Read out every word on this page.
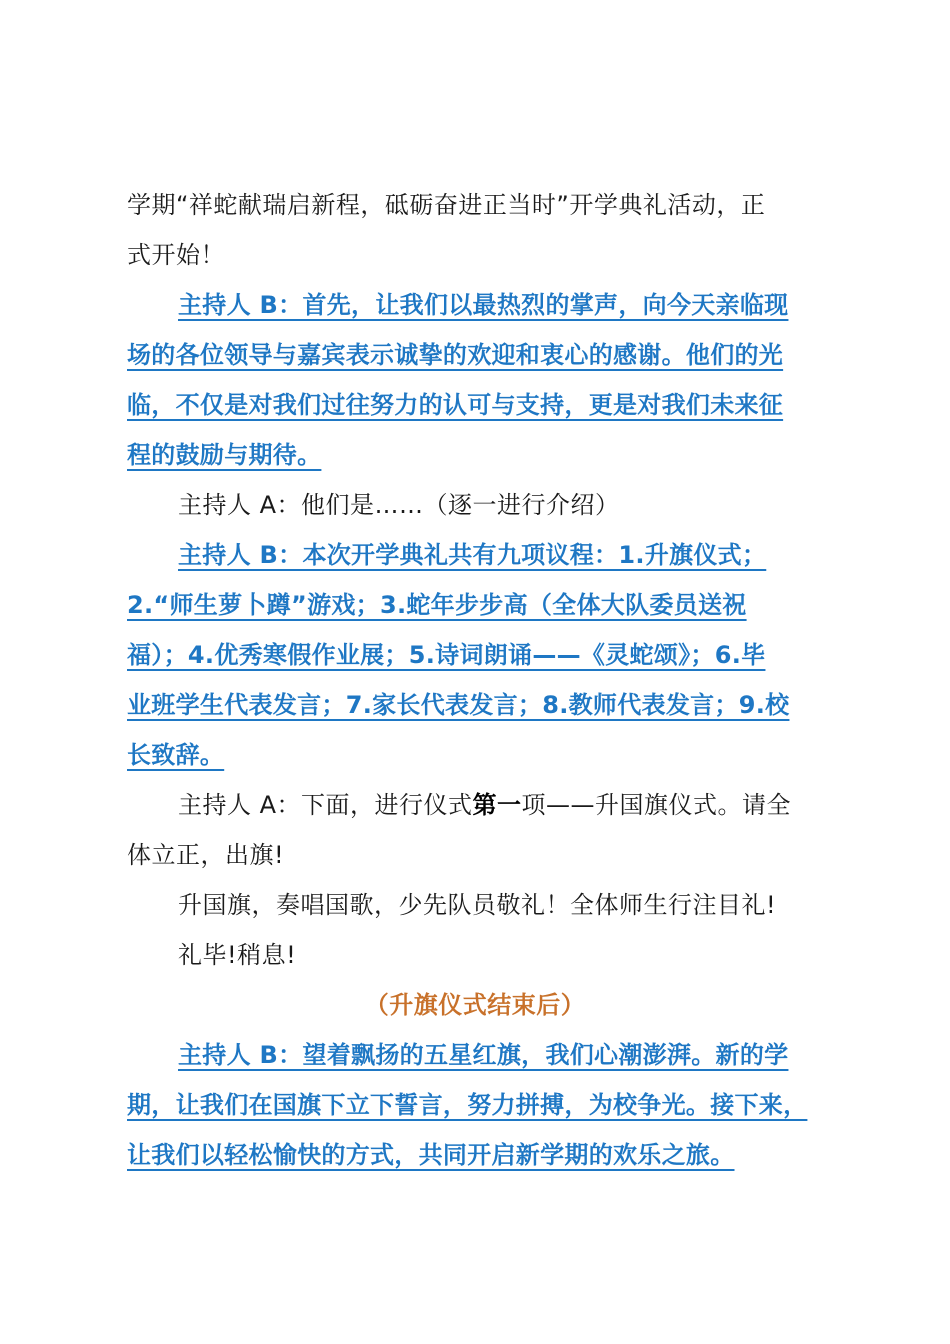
学期“祥蛇献瑞启新程，砥砺奋进正当时”开学典礼活动，正
式开始！
主持人 B：首先，让我们以最热烈的掌声，向今天亲临现
场的各位领导与嘉宾表示诚挚的欢迎和衷心的感谢。他们的光
临，不仅是对我们过往努力的认可与支持，更是对我们未来征
程的鼓励与期待。
主持人 A：他们是……（逐一进行介绍）
主持人 B：本次开学典礼共有九项议程：1.升旗仪式；
2.“师生萝卜蹲”游戏；3.蛇年步步高（全体大队委员送祝
福）；4.优秀寒假作业展；5.诗词朗诵——《灵蛇颂》；6.毕
业班学生代表发言；7.家长代表发言；8.教师代表发言；9.校
长致辞。
主持人 A：下面，进行仪式第一项——升国旗仪式。请全
体立正，出旗!
升国旗，奏唱国歌，少先队员敬礼！全体师生行注目礼!
礼毕!稍息!
（升旗仪式结束后）
主持人 B：望着飘扬的五星红旗，我们心潮澎湃。新的学
期，让我们在国旗下立下誓言，努力拼搏，为校争光。接下来，
让我们以轻松愉快的方式，共同开启新学期的欢乐之旅。
